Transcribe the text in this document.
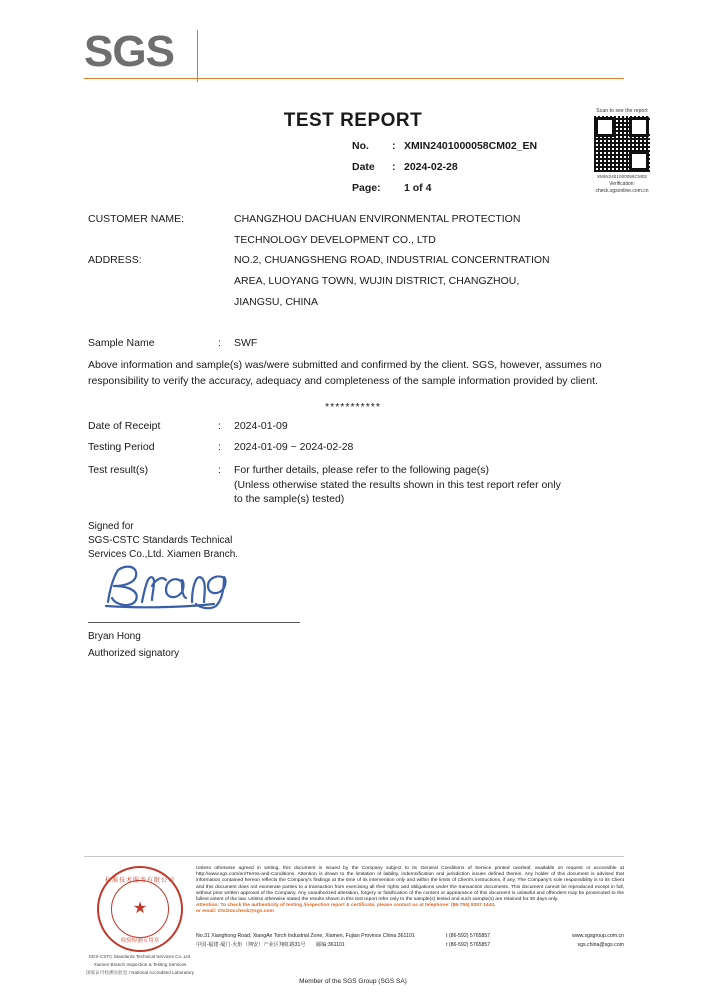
SGS
TEST REPORT
No. : XMIN2401000058CM02_EN
Date : 2024-02-28
Page: 1 of 4
Scan to see the report
XMIN2401000058CM02
Verification:
check.sgsonline.com.cn
CUSTOMER NAME:	CHANGZHOU DACHUAN ENVIRONMENTAL PROTECTION
TECHNOLOGY DEVELOPMENT CO., LTD
ADDRESS:	NO.2, CHUANGSHENG ROAD, INDUSTRIAL CONCERNTRATION
AREA, LUOYANG TOWN, WUJIN DISTRICT, CHANGZHOU,
JIANGSU, CHINA
Sample Name	: SWF
Above information and sample(s) was/were submitted and confirmed by the client. SGS, however, assumes no responsibility to verify the accuracy, adequacy and completeness of the sample information provided by client.
***********
Date of Receipt	: 2024-01-09
Testing Period	: 2024-01-09 ~ 2024-02-28
Test result(s)	: For further details, please refer to the following page(s)
(Unless otherwise stated the results shown in this test report refer only
to the sample(s) tested)
Signed for
SGS-CSTC Standards Technical
Services Co.,Ltd. Xiamen Branch.
Bryan Hong
Authorized signatory
标准技术服务有限公司
★
检验检测专用章
SGS-CSTC Standards Technical Services Co.,Ltd.
Xiamen Branch Inspection & Testing Services
国家认可检测实验室 / National Accredited Laboratory
Unless otherwise agreed in writing, this document is issued by the Company subject to its General Conditions of Service printed overleaf, available on request or accessible at http://www.sgs.com/en/Terms-and-Conditions. Attention is drawn to the limitation of liability, indemnification and jurisdiction issues defined therein. Any holder of this document is advised that information contained hereon reflects the Company's findings at the time of its intervention only and within the limits of Client's instructions, if any. The Company's sole responsibility is to its Client and this document does not exonerate parties to a transaction from exercising all their rights and obligations under the transaction documents. This document cannot be reproduced except in full, without prior written approval of the Company. Any unauthorized alteration, forgery or falsification of the content or appearance of this document is unlawful and offenders may be prosecuted to the fullest extent of the law. Unless otherwise stated the results shown in this test report refer only to the sample(s) tested and such sample(s) are retained for 30 days only.
Attention: To check the authenticity of testing /inspection report & certificate, please contact us at telephone: (86-755) 8307 1443,
or email: CN.Doccheck@sgs.com
No.31 Xianghong Road, XiangAn Torch Industrial Zone, Xiamen, Fujian Province China 361101	t (86-592) 5765857	www.sgsgroup.com.cn
中国·福建·厦门·火炬（翔安）产业区翔虹路31号	邮编:361101	t (86-592) 5765857	sgs.china@sgs.com
Member of the SGS Group (SGS SA)
